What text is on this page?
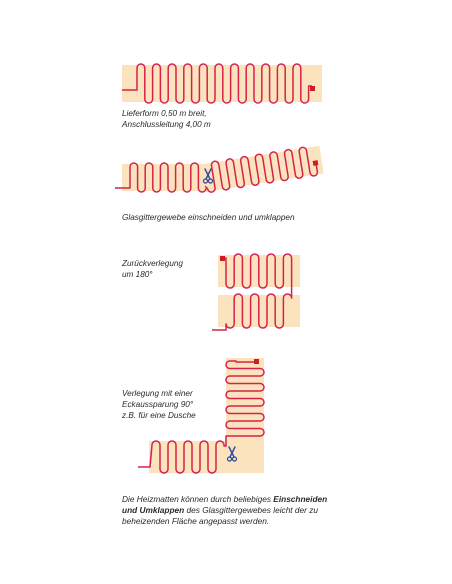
Lieferform 0,50 m breit,
Anschlussleitung 4,00 m
Glasgittergewebe einschneiden und umklappen
Zurückverlegung
um 180°
Verlegung mit einer
Eckaussparung 90°
z.B. für eine Dusche
Die Heizmatten können durch beliebiges Einschneiden
und Umklappen des Glasgittergewebes leicht der zu
beheizenden Fläche angepasst werden.
